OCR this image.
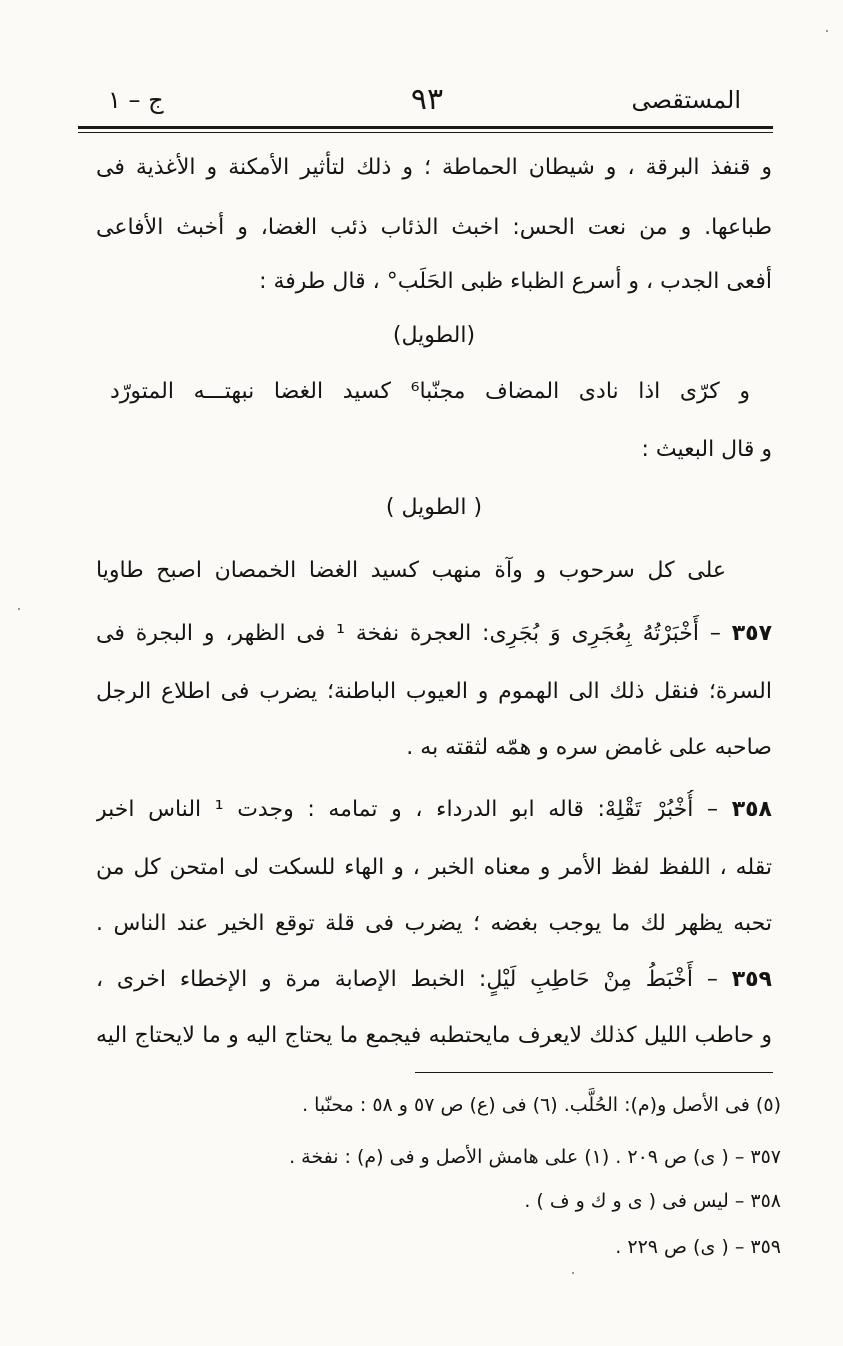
المستقصى
٩٣
ج – ١
و قنفذ البرقة ، و شيطان الحماطة ؛ و ذلك لتأثير الأمكنة و الأغذية فى
طباعها. و من نعت الحس: اخبث الذئاب ذئب الغضا، و أخبث الأفاعى
أفعى الجدب ، و أسرع الظباء ظبى الحَلَب° ، قال طرفة :
(الطويل)
و كرّى اذا نادى المضاف مجنّبا⁶ كسيد الغضا نبهتـــه المتورّد
و قال البعيث :
( الطويل )
على كل سرحوب و وآة منهب كسيد الغضا الخمصان اصبح طاويا
٣٥٧ – أَخْبَرْتُهُ بِعُجَرِى وَ بُجَرِى: العجرة نفخة ¹ فى الظهر، و البجرة فى
السرة؛ فنقل ذلك الى الهموم و العيوب الباطنة؛ يضرب فى اطلاع الرجل
صاحبه على غامض سره و همّه لثقته به .
٣٥٨ – أُخْبُرْ تَقْلِهْ: قاله ابو الدرداء ، و تمامه : وجدت ¹ الناس اخبر
تقله ، اللفظ لفظ الأمر و معناه الخبر ، و الهاء للسكت لى امتحن كل من
تحبه يظهر لك ما يوجب بغضه ؛ يضرب فى قلة توقع الخير عند الناس .
٣٥٩ – أَخْبَطُ مِنْ حَاطِبِ لَيْلٍ: الخبط الإصابة مرة و الإخطاء اخرى ،
و حاطب الليل كذلك لايعرف مايحتطبه فيجمع ما يحتاج اليه و ما لايحتاج اليه
(٥) فى الأصل و(م): الحُلَّب. (٦) فى (ع) ص ٥٧ و ٥٨ : محنّبا .
٣٥٧ – ( ى) ص ٢٠٩ . (١) على هامش الأصل و فى (م) : نفخة .
٣٥٨ – ليس فى ( ى و ك و ف ) .
٣٥٩ – ( ى) ص ٢٢٩ .
